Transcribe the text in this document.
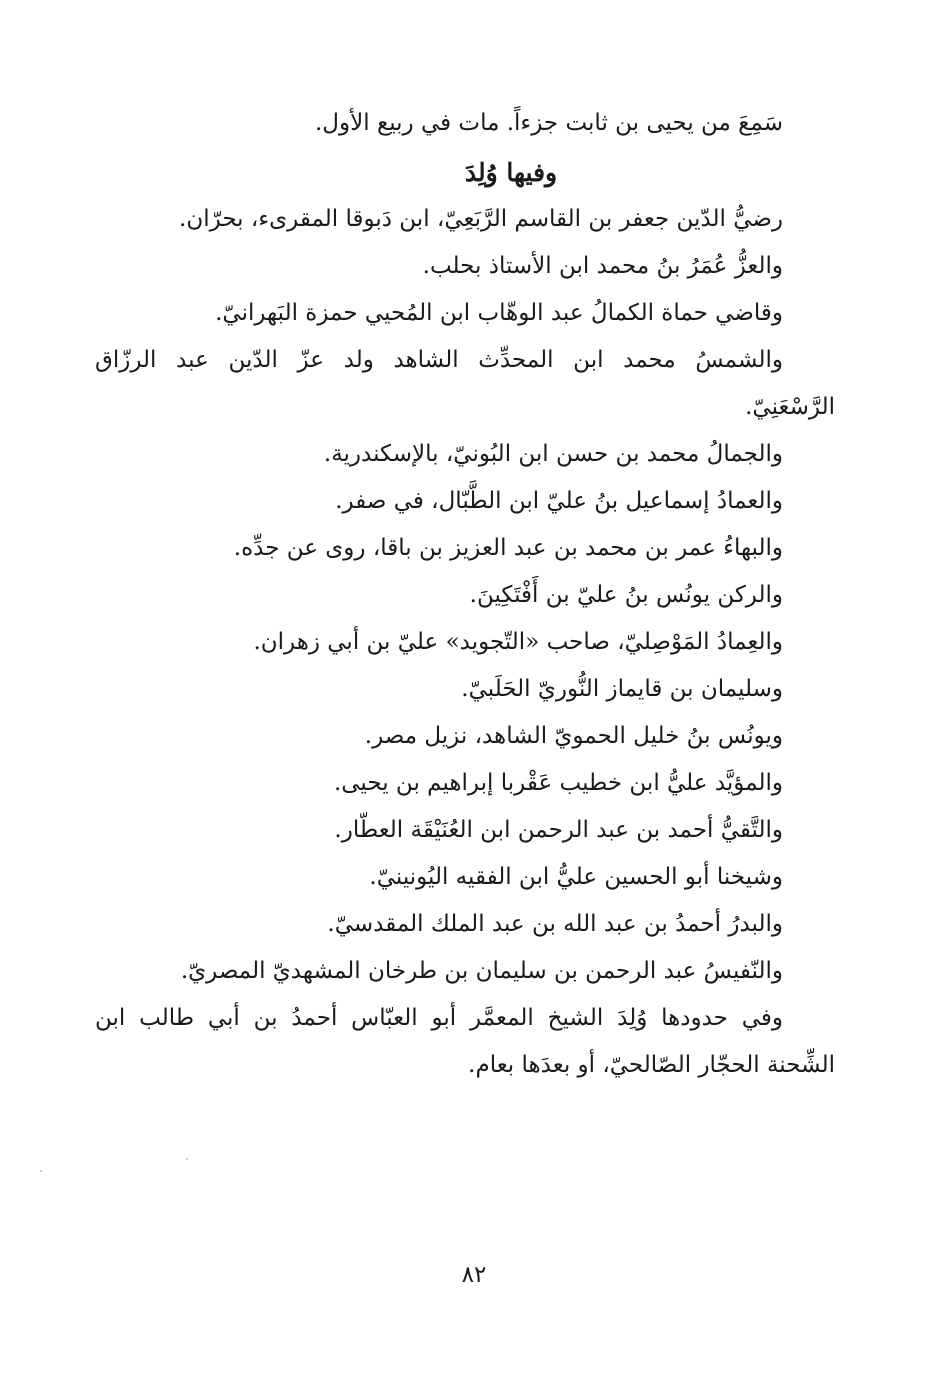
سَمِعَ من يحيى بن ثابت جزءاً. مات في ربيع الأول.

وفيها وُلِدَ

رضيُّ الدّين جعفر بن القاسم الرَّبَعِيّ، ابن دَبوقا المقرىء، بحرّان.

والعزُّ عُمَرُ بنُ محمد ابن الأستاذ بحلب.

وقاضي حماة الكمالُ عبد الوهّاب ابن المُحيي حمزة البَهرانيّ.

والشمسُ محمد ابن المحدِّث الشاهد ولد عزّ الدّين عبد الرزّاق

الرَّسْعَنِيّ.

والجمالُ محمد بن حسن ابن البُونيّ، بالإسكندرية.

والعمادُ إسماعيل بنُ عليّ ابن الطَّبّال، في صفر.

والبهاءُ عمر بن محمد بن عبد العزيز بن باقا، روى عن جدِّه.

والركن يونُس بنُ عليّ بن أَفْتَكِينَ.

والعِمادُ المَوْصِليّ، صاحب «التّجويد» عليّ بن أبي زهران.

وسليمان بن قايماز النُّوريّ الحَلَبيّ.

ويونُس بنُ خليل الحمويّ الشاهد، نزيل مصر.

والمؤيَّد عليُّ ابن خطيب عَقْربا إبراهيم بن يحيى.

والتَّقيُّ أحمد بن عبد الرحمن ابن العُنَيْقَة العطّار.

وشيخنا أبو الحسين عليُّ ابن الفقيه اليُونينيّ.

والبدرُ أحمدُ بن عبد الله بن عبد الملك المقدسيّ.

والنّفيسُ عبد الرحمن بن سليمان بن طرخان المشهديّ المصريّ.

وفي حدودها وُلِدَ الشيخ المعمَّر أبو العبّاس أحمدُ بن أبي طالب ابن

الشِّحنة الحجّار الصّالحيّ، أو بعدَها بعام.

٨٢
